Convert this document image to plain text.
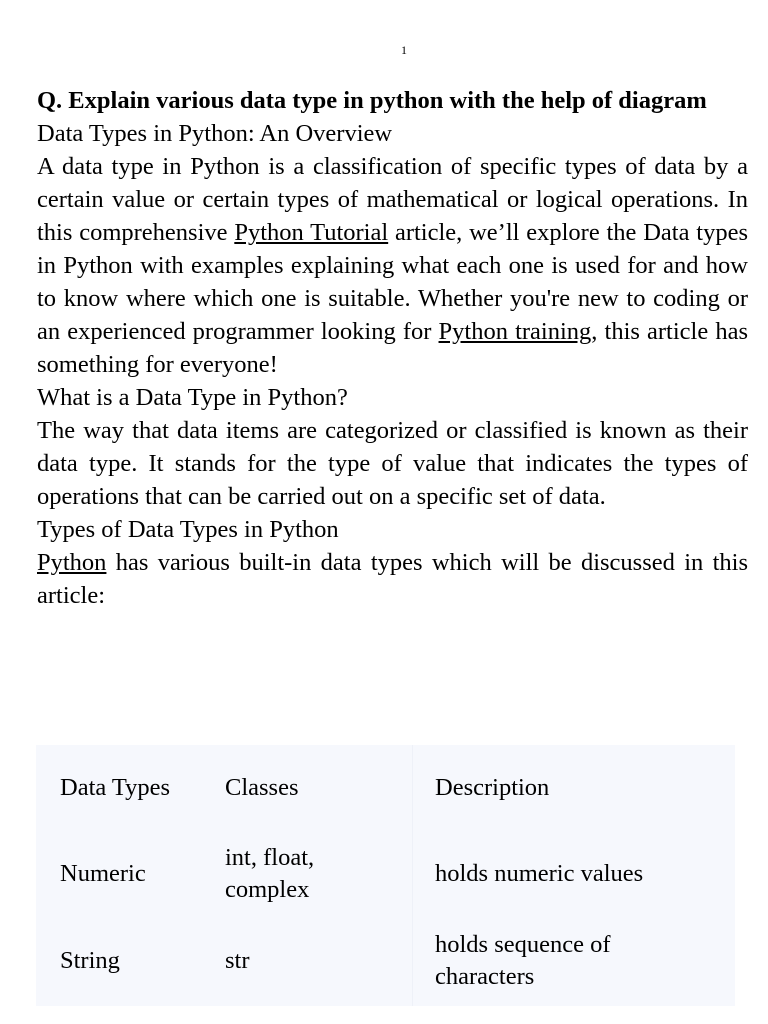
1

Q. Explain various data type in python with the help of diagram

Data Types in Python: An Overview

A data type in Python is a classification of specific types of data by a certain value or certain types of mathematical or logical operations. In this comprehensive Python Tutorial article, we’ll explore the Data types in Python with examples explaining what each one is used for and how to know where which one is suitable. Whether you're new to coding or an experienced programmer looking for Python training, this article has something for everyone!

What is a Data Type in Python?

The way that data items are categorized or classified is known as their data type. It stands for the type of value that indicates the types of operations that can be carried out on a specific set of data.

Types of Data Types in Python

Python has various built-in data types which will be discussed in this article:

Data Types Classes	Description
Numeric
int, float, complex
holds numeric values
String	str
holds sequence of characters
